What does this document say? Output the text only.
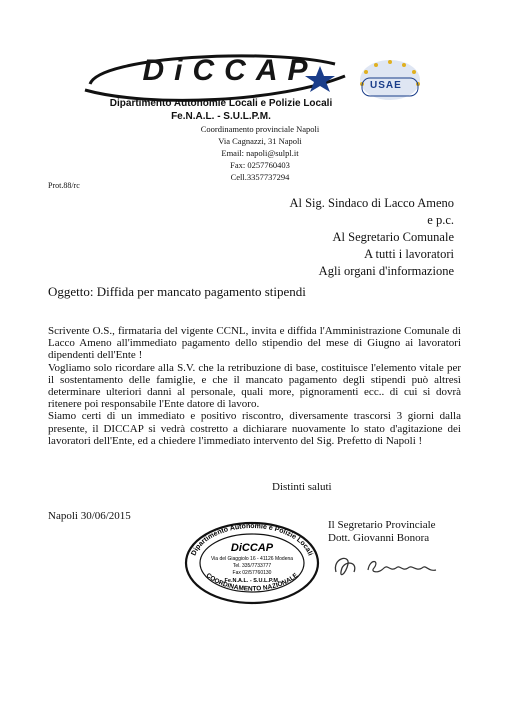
DiCCAP	USAE
Dipartimento Autonomie Locali e Polizie Locali
Fe.N.A.L. - S.U.L.P.M.
Coordinamento provinciale Napoli
Via Cagnazzi, 31 Napoli
Email: napoli@sulpl.it
Fax: 0257760403
Cell.3357737294
Prot.88/rc
Al Sig. Sindaco di Lacco Ameno
e p.c.
Al Segretario Comunale
A tutti i lavoratori
Agli organi d'informazione
Oggetto: Diffida per mancato pagamento stipendi

Scrivente O.S., firmataria del vigente CCNL, invita e diffida l'Amministrazione Comunale di Lacco Ameno all'immediato pagamento dello stipendio del mese di Giugno ai lavoratori dipendenti dell'Ente !

Vogliamo solo ricordare alla S.V. che la retribuzione di base, costituisce l'elemento vitale per il sostentamento delle famiglie, e che il mancato pagamento degli stipendi può altresì determinare ulteriori danni al personale, quali more, pignoramenti ecc.. di cui si dovrà ritenere poi responsabile l'Ente datore di lavoro.

Siamo certi di un immediato e positivo riscontro, diversamente trascorsi 3 giorni dalla presente, il DICCAP si vedrà costretto a dichiarare nuovamente lo stato d'agitazione dei lavoratori dell'Ente, ed a chiedere l'immediato intervento del Sig. Prefetto di Napoli !

Distinti saluti
Napoli 30/06/2015
Il Segretario Provinciale
Dott. Giovanni Bonora
Dipartimento Autonomie e Polizie Locali
COORDINAMENTO NAZIONALE
DiCCAP
Via del Giaggiolo 16 - 41126 Modena
Tel. 335/7733777
Fax 02/57760130
Fe.N.A.L. - S.U.L.P.M.
